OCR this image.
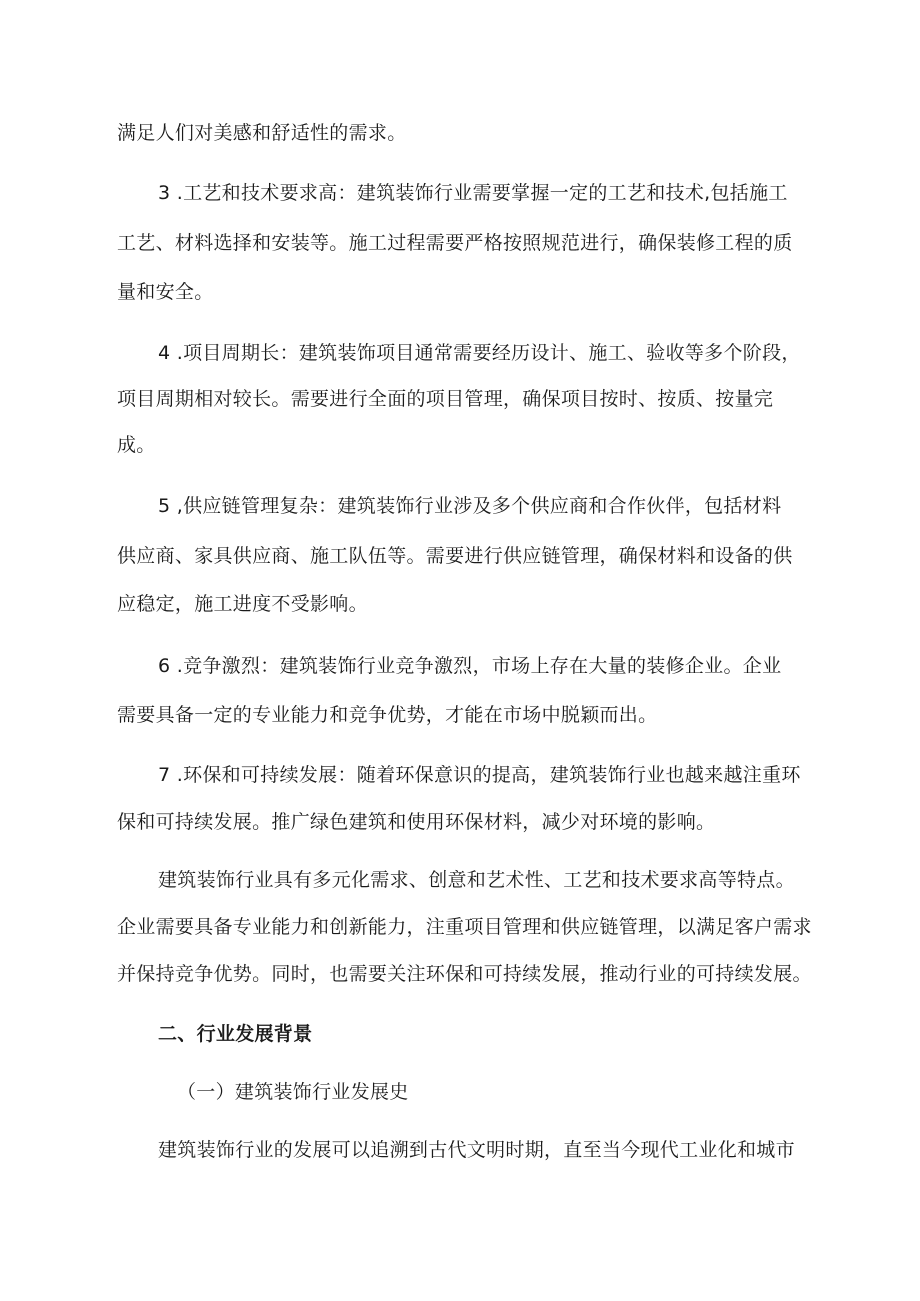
满足人们对美感和舒适性的需求。
3 .工艺和技术要求高：建筑装饰行业需要掌握一定的工艺和技术,包括施工
工艺、材料选择和安装等。施工过程需要严格按照规范进行，确保装修工程的质
量和安全。
4 .项目周期长：建筑装饰项目通常需要经历设计、施工、验收等多个阶段，
项目周期相对较长。需要进行全面的项目管理，确保项目按时、按质、按量完
成。
5 ,供应链管理复杂：建筑装饰行业涉及多个供应商和合作伙伴，包括材料
供应商、家具供应商、施工队伍等。需要进行供应链管理，确保材料和设备的供
应稳定，施工进度不受影响。
6 .竞争激烈：建筑装饰行业竞争激烈，市场上存在大量的装修企业。企业
需要具备一定的专业能力和竞争优势，才能在市场中脱颖而出。
7 .环保和可持续发展：随着环保意识的提高，建筑装饰行业也越来越注重环
保和可持续发展。推广绿色建筑和使用环保材料，减少对环境的影响。
建筑装饰行业具有多元化需求、创意和艺术性、工艺和技术要求高等特点。
企业需要具备专业能力和创新能力，注重项目管理和供应链管理，以满足客户需求
并保持竞争优势。同时，也需要关注环保和可持续发展，推动行业的可持续发展。
二、行业发展背景
（一）建筑装饰行业发展史
建筑装饰行业的发展可以追溯到古代文明时期，直至当今现代工业化和城市
